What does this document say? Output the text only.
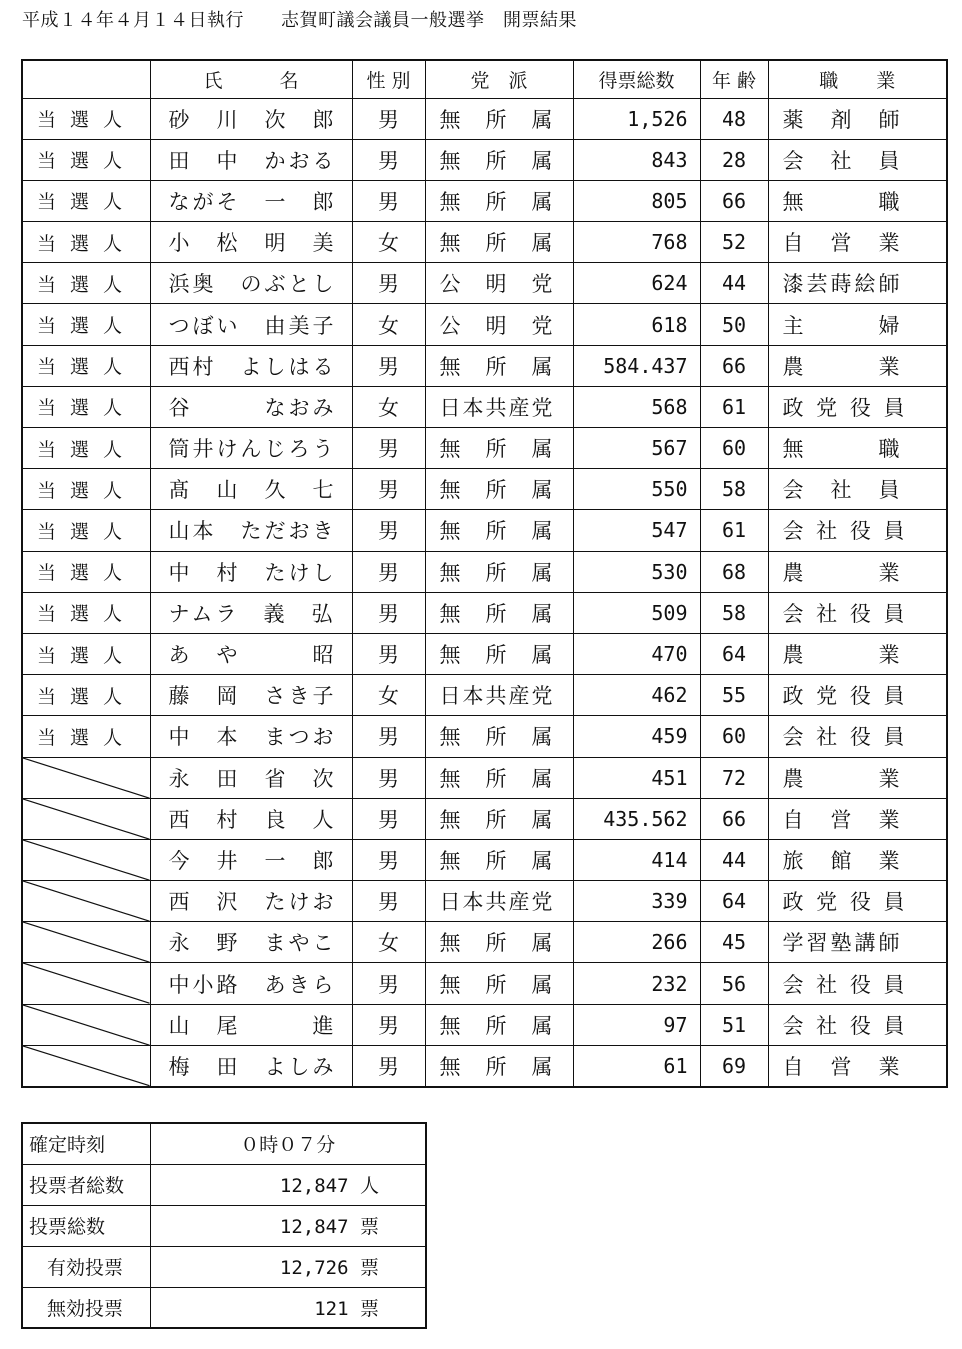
平成１４年４月１４日執行　　志賀町議会議員一般選挙　開票結果
	氏　　　名	性 別	党　派	得票総数	年 齢	職　　業
当選人	砂　川　次　郎	男	無　所　属	1,526	48	薬　剤　師
当選人	田　中　かおる	男	無　所　属	843	28	会　社　員
当選人	ながそ　一　郎	男	無　所　属	805	66	無　　　職
当選人	小　松　明　美	女	無　所　属	768	52	自　営　業
当選人	浜奥　のぶとし	男	公　明　党	624	44	漆芸蒔絵師
当選人	つぼい　由美子	女	公　明　党	618	50	主　　　婦
当選人	西村　よしはる	男	無　所　属	584.437	66	農　　　業
当選人	谷　　　なおみ	女	日本共産党	568	61	政 党 役 員
当選人	筒井けんじろう	男	無　所　属	567	60	無　　　職
当選人	髙　山　久　七	男	無　所　属	550	58	会　社　員
当選人	山本　ただおき	男	無　所　属	547	61	会 社 役 員
当選人	中　村　たけし	男	無　所　属	530	68	農　　　業
当選人	ナムラ　義　弘	男	無　所　属	509	58	会 社 役 員
当選人	あ　や　　　昭	男	無　所　属	470	64	農　　　業
当選人	藤　岡　さき子	女	日本共産党	462	55	政 党 役 員
当選人	中　本　まつお	男	無　所　属	459	60	会 社 役 員

	永　田　省　次	男	無　所　属	451	72	農　　　業

	西　村　良　人	男	無　所　属	435.562	66	自　営　業

	今　井　一　郎	男	無　所　属	414	44	旅　館　業

	西　沢　たけお	男	日本共産党	339	64	政 党 役 員

	永　野　まやこ	女	無　所　属	266	45	学習塾講師

	中小路　あきら	男	無　所　属	232	56	会 社 役 員

	山　尾　　　進	男	無　所　属	97	51	会 社 役 員

	梅　田　よしみ	男	無　所　属	61	69	自　営　業
確定時刻	０時０７分
投票者総数	12,847 人
投票総数	12,847 票
有効投票	12,726 票
無効投票	121 票
